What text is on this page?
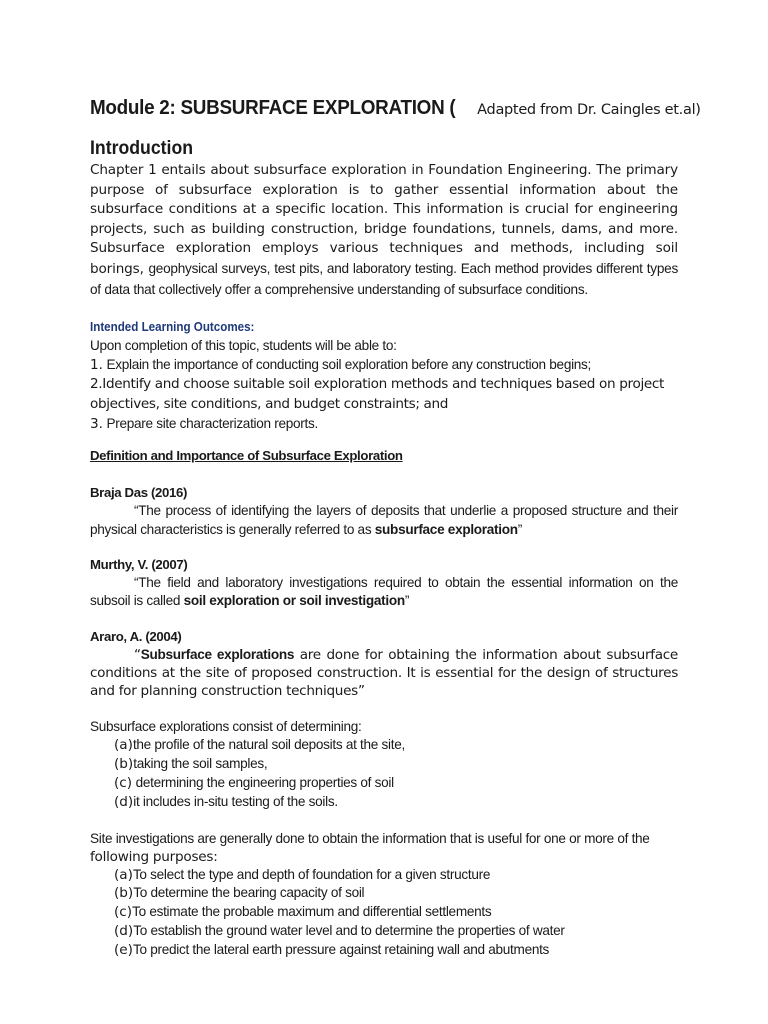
Module 2: SUBSURFACE EXPLORATION ( Adapted from Dr. Caingles et.al)
Introduction

Chapter 1 entails about subsurface exploration in Foundation Engineering. The primary purpose of subsurface exploration is to gather essential information about the subsurface conditions at a specific location. This information is crucial for engineering projects, such as building construction, bridge foundations, tunnels, dams, and more. Subsurface exploration employs various techniques and methods, including soil borings, geophysical surveys, test pits, and laboratory testing. Each method provides different types of data that collectively offer a comprehensive understanding of subsurface conditions.

Intended Learning Outcomes:
Upon completion of this topic, students will be able to:
1. Explain the importance of conducting soil exploration before any construction begins;
2.Identify and choose suitable soil exploration methods and techniques based on project objectives, site conditions, and budget constraints; and
3. Prepare site characterization reports.
Definition and Importance of Subsurface Exploration
Braja Das (2016)

“The process of identifying the layers of deposits that underlie a proposed structure and their physical characteristics is generally referred to as subsurface exploration”

Murthy, V. (2007)

“The field and laboratory investigations required to obtain the essential information on the subsoil is called soil exploration or soil investigation”

Araro, A. (2004)

“Subsurface explorations are done for obtaining the information about subsurface conditions at the site of proposed construction. It is essential for the design of structures and for planning construction techniques”

Subsurface explorations consist of determining:
(a)the profile of the natural soil deposits at the site,
(b)taking the soil samples,
(c) determining the engineering properties of soil
(d)it includes in-situ testing of the soils.
Site investigations are generally done to obtain the information that is useful for one or more of the
following purposes:
(a)To select the type and depth of foundation for a given structure
(b)To determine the bearing capacity of soil
(c)To estimate the probable maximum and differential settlements
(d)To establish the ground water level and to determine the properties of water
(e)To predict the lateral earth pressure against retaining wall and abutments
